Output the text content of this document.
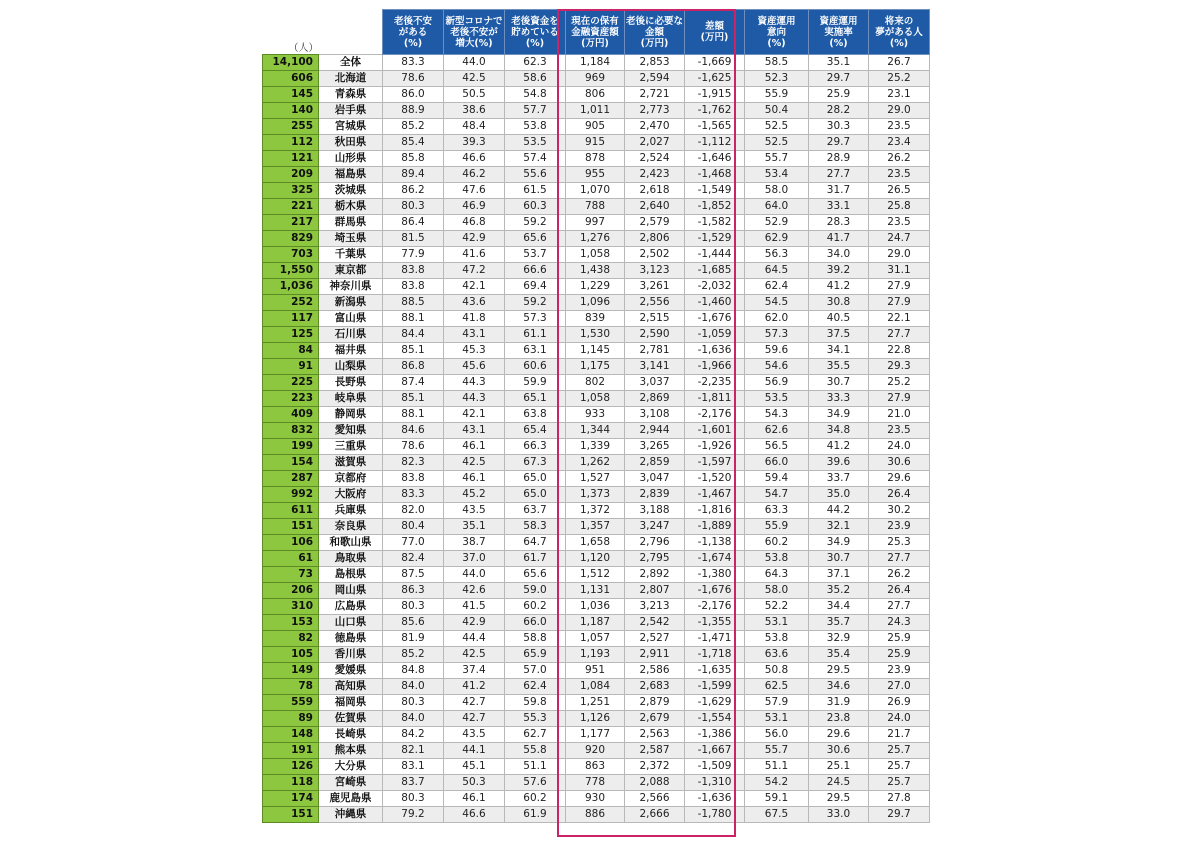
（人）		老後不安
がある
(%)	新型コロナで
老後不安が
増大(%)	老後資金を
貯めている
(%)	現在の保有
金融資産額
(万円)	老後に必要な
金額
(万円)	差額
(万円)	資産運用
意向
(%)	資産運用
実施率
(%)	将来の
夢がある人
(%)
14,100	全体	83.3	44.0	62.3	1,184	2,853	-1,669	58.5	35.1	26.7
606	北海道	78.6	42.5	58.6	969	2,594	-1,625	52.3	29.7	25.2
145	青森県	86.0	50.5	54.8	806	2,721	-1,915	55.9	25.9	23.1
140	岩手県	88.9	38.6	57.7	1,011	2,773	-1,762	50.4	28.2	29.0
255	宮城県	85.2	48.4	53.8	905	2,470	-1,565	52.5	30.3	23.5
112	秋田県	85.4	39.3	53.5	915	2,027	-1,112	52.5	29.7	23.4
121	山形県	85.8	46.6	57.4	878	2,524	-1,646	55.7	28.9	26.2
209	福島県	89.4	46.2	55.6	955	2,423	-1,468	53.4	27.7	23.5
325	茨城県	86.2	47.6	61.5	1,070	2,618	-1,549	58.0	31.7	26.5
221	栃木県	80.3	46.9	60.3	788	2,640	-1,852	64.0	33.1	25.8
217	群馬県	86.4	46.8	59.2	997	2,579	-1,582	52.9	28.3	23.5
829	埼玉県	81.5	42.9	65.6	1,276	2,806	-1,529	62.9	41.7	24.7
703	千葉県	77.9	41.6	53.7	1,058	2,502	-1,444	56.3	34.0	29.0
1,550	東京都	83.8	47.2	66.6	1,438	3,123	-1,685	64.5	39.2	31.1
1,036	神奈川県	83.8	42.1	69.4	1,229	3,261	-2,032	62.4	41.2	27.9
252	新潟県	88.5	43.6	59.2	1,096	2,556	-1,460	54.5	30.8	27.9
117	富山県	88.1	41.8	57.3	839	2,515	-1,676	62.0	40.5	22.1
125	石川県	84.4	43.1	61.1	1,530	2,590	-1,059	57.3	37.5	27.7
84	福井県	85.1	45.3	63.1	1,145	2,781	-1,636	59.6	34.1	22.8
91	山梨県	86.8	45.6	60.6	1,175	3,141	-1,966	54.6	35.5	29.3
225	長野県	87.4	44.3	59.9	802	3,037	-2,235	56.9	30.7	25.2
223	岐阜県	85.1	44.3	65.1	1,058	2,869	-1,811	53.5	33.3	27.9
409	静岡県	88.1	42.1	63.8	933	3,108	-2,176	54.3	34.9	21.0
832	愛知県	84.6	43.1	65.4	1,344	2,944	-1,601	62.6	34.8	23.5
199	三重県	78.6	46.1	66.3	1,339	3,265	-1,926	56.5	41.2	24.0
154	滋賀県	82.3	42.5	67.3	1,262	2,859	-1,597	66.0	39.6	30.6
287	京都府	83.8	46.1	65.0	1,527	3,047	-1,520	59.4	33.7	29.6
992	大阪府	83.3	45.2	65.0	1,373	2,839	-1,467	54.7	35.0	26.4
611	兵庫県	82.0	43.5	63.7	1,372	3,188	-1,816	63.3	44.2	30.2
151	奈良県	80.4	35.1	58.3	1,357	3,247	-1,889	55.9	32.1	23.9
106	和歌山県	77.0	38.7	64.7	1,658	2,796	-1,138	60.2	34.9	25.3
61	鳥取県	82.4	37.0	61.7	1,120	2,795	-1,674	53.8	30.7	27.7
73	島根県	87.5	44.0	65.6	1,512	2,892	-1,380	64.3	37.1	26.2
206	岡山県	86.3	42.6	59.0	1,131	2,807	-1,676	58.0	35.2	26.4
310	広島県	80.3	41.5	60.2	1,036	3,213	-2,176	52.2	34.4	27.7
153	山口県	85.6	42.9	66.0	1,187	2,542	-1,355	53.1	35.7	24.3
82	徳島県	81.9	44.4	58.8	1,057	2,527	-1,471	53.8	32.9	25.9
105	香川県	85.2	42.5	65.9	1,193	2,911	-1,718	63.6	35.4	25.9
149	愛媛県	84.8	37.4	57.0	951	2,586	-1,635	50.8	29.5	23.9
78	高知県	84.0	41.2	62.4	1,084	2,683	-1,599	62.5	34.6	27.0
559	福岡県	80.3	42.7	59.8	1,251	2,879	-1,629	57.9	31.9	26.9
89	佐賀県	84.0	42.7	55.3	1,126	2,679	-1,554	53.1	23.8	24.0
148	長崎県	84.2	43.5	62.7	1,177	2,563	-1,386	56.0	29.6	21.7
191	熊本県	82.1	44.1	55.8	920	2,587	-1,667	55.7	30.6	25.7
126	大分県	83.1	45.1	51.1	863	2,372	-1,509	51.1	25.1	25.7
118	宮崎県	83.7	50.3	57.6	778	2,088	-1,310	54.2	24.5	25.7
174	鹿児島県	80.3	46.1	60.2	930	2,566	-1,636	59.1	29.5	27.8
151	沖縄県	79.2	46.6	61.9	886	2,666	-1,780	67.5	33.0	29.7
